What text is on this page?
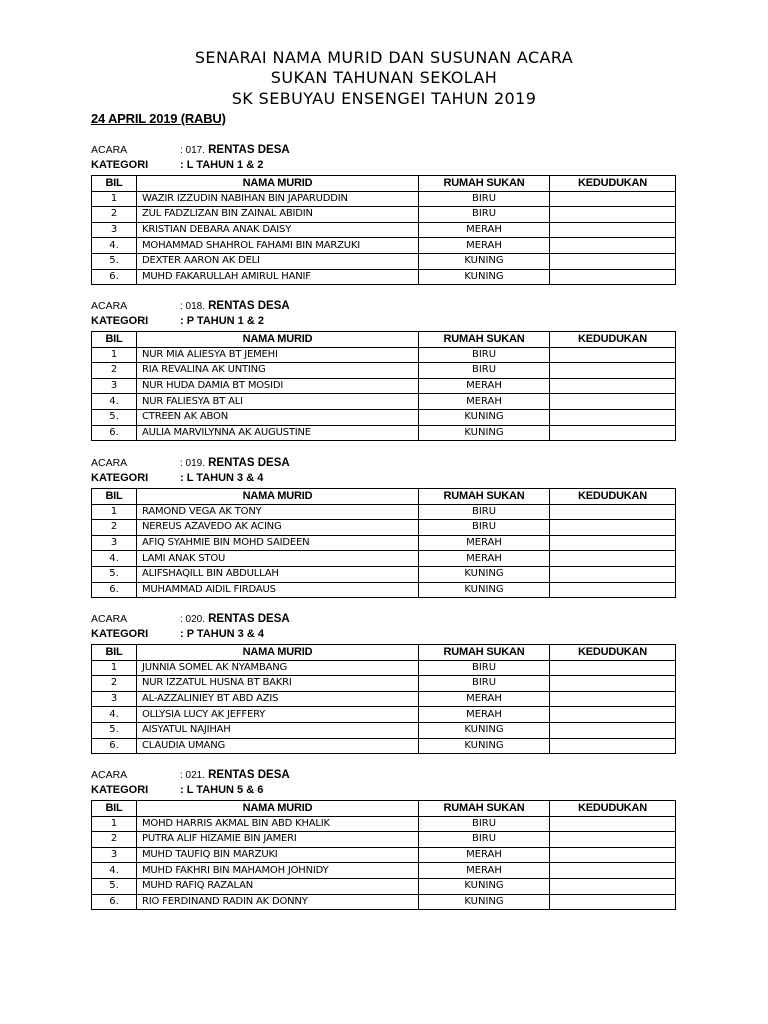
SENARAI NAMA MURID DAN SUSUNAN ACARA
SUKAN TAHUNAN SEKOLAH
SK SEBUYAU ENSENGEI TAHUN 2019
24 APRIL 2019 (RABU)
ACARA	: 017. RENTAS DESA
KATEGORI	: L TAHUN 1 & 2
BIL	NAMA MURID	RUMAH SUKAN	KEDUDUKAN
1	WAZIR IZZUDIN NABIHAN BIN JAPARUDDIN	BIRU	
2	ZUL FADZLIZAN BIN ZAINAL ABIDIN	BIRU	
3	KRISTIAN DEBARA ANAK DAISY	MERAH	
4.	MOHAMMAD SHAHROL FAHAMI BIN MARZUKI	MERAH	
5.	DEXTER AARON AK DELI	KUNING	
6.	MUHD FAKARULLAH AMIRUL HANIF	KUNING	
ACARA	: 018. RENTAS DESA
KATEGORI	: P TAHUN 1 & 2
BIL	NAMA MURID	RUMAH SUKAN	KEDUDUKAN
1	NUR MIA ALIESYA BT JEMEHI	BIRU	
2	RIA REVALINA AK UNTING	BIRU	
3	NUR HUDA DAMIA BT MOSIDI	MERAH	
4.	NUR FALIESYA BT ALI	MERAH	
5.	CTREEN AK ABON	KUNING	
6.	AULIA MARVILYNNA AK AUGUSTINE	KUNING	
ACARA	: 019. RENTAS DESA
KATEGORI	: L TAHUN 3 & 4
BIL	NAMA MURID	RUMAH SUKAN	KEDUDUKAN
1	RAMOND VEGA AK TONY	BIRU	
2	NEREUS AZAVEDO AK ACING	BIRU	
3	AFIQ SYAHMIE BIN MOHD SAIDEEN	MERAH	
4.	LAMI ANAK STOU	MERAH	
5.	ALIFSHAQILL BIN ABDULLAH	KUNING	
6.	MUHAMMAD AIDIL FIRDAUS	KUNING	
ACARA	: 020. RENTAS DESA
KATEGORI	: P TAHUN 3 & 4
BIL	NAMA MURID	RUMAH SUKAN	KEDUDUKAN
1	JUNNIA SOMEL AK NYAMBANG	BIRU	
2	NUR IZZATUL HUSNA BT BAKRI	BIRU	
3	AL-AZZALINIEY BT ABD AZIS	MERAH	
4.	OLLYSIA LUCY AK JEFFERY	MERAH	
5.	AISYATUL NAJIHAH	KUNING	
6.	CLAUDIA UMANG	KUNING	
ACARA	: 021. RENTAS DESA
KATEGORI	: L TAHUN 5 & 6
BIL	NAMA MURID	RUMAH SUKAN	KEDUDUKAN
1	MOHD HARRIS AKMAL BIN ABD KHALIK	BIRU	
2	PUTRA ALIF HIZAMIE BIN JAMERI	BIRU	
3	MUHD TAUFIQ BIN MARZUKI	MERAH	
4.	MUHD FAKHRI BIN MAHAMOH JOHNIDY	MERAH	
5.	MUHD RAFIQ RAZALAN	KUNING	
6.	RIO FERDINAND RADIN AK DONNY	KUNING	
